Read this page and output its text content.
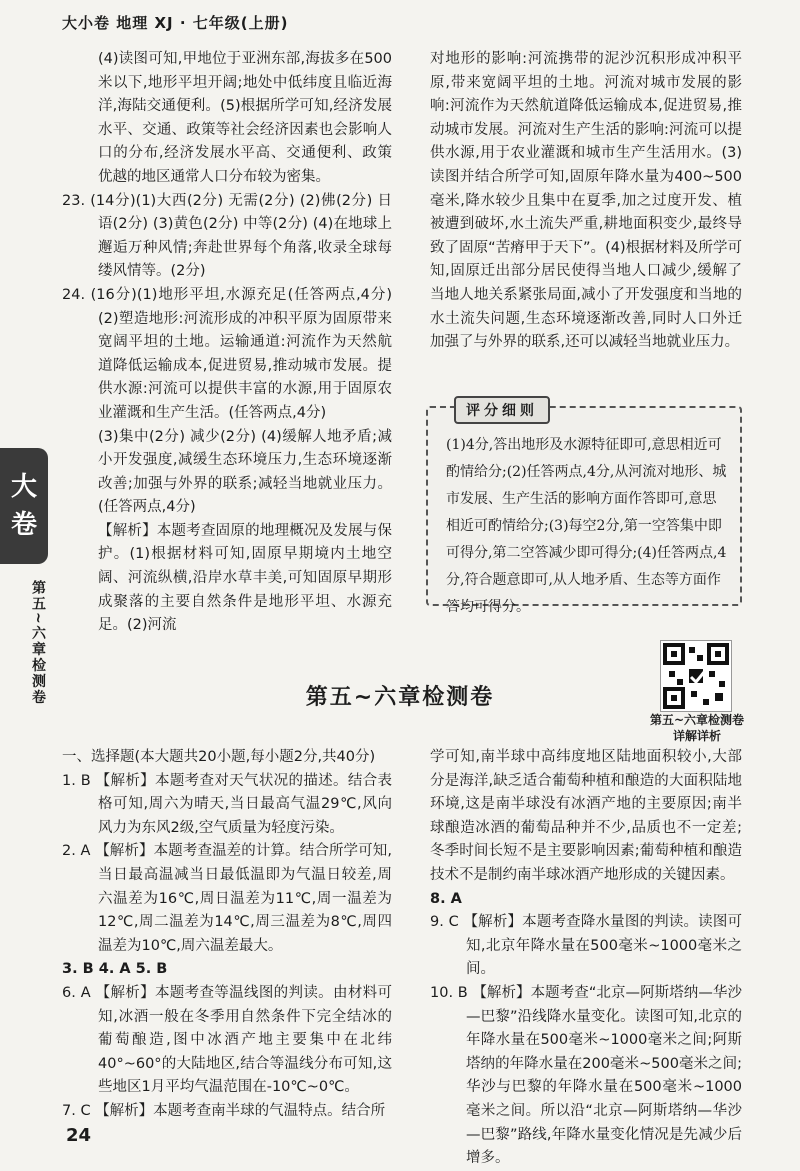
大小卷 地理 XJ · 七年级(上册)

(4)读图可知,甲地位于亚洲东部,海拔多在500米以下,地形平坦开阔;地处中低纬度且临近海洋,海陆交通便利。(5)根据所学可知,经济发展水平、交通、政策等社会经济因素也会影响人口的分布,经济发展水平高、交通便利、政策优越的地区通常人口分布较为密集。

23. (14分)(1)大西(2分) 无需(2分) (2)佛(2分) 日语(2分) (3)黄色(2分) 中等(2分) (4)在地球上邂逅万种风情;奔赴世界每个角落,收录全球每缕风情等。(2分)

24. (16分)(1)地形平坦,水源充足(任答两点,4分) (2)塑造地形:河流形成的冲积平原为固原带来宽阔平坦的土地。运输通道:河流作为天然航道降低运输成本,促进贸易,推动城市发展。提供水源:河流可以提供丰富的水源,用于固原农业灌溉和生产生活。(任答两点,4分)

(3)集中(2分) 减少(2分) (4)缓解人地矛盾;减小开发强度,减缓生态环境压力,生态环境逐渐改善;加强与外界的联系;减轻当地就业压力。(任答两点,4分)

【解析】本题考查固原的地理概况及发展与保护。(1)根据材料可知,固原早期境内土地空阔、河流纵横,沿岸水草丰美,可知固原早期形成聚落的主要自然条件是地形平坦、水源充足。(2)河流

对地形的影响:河流携带的泥沙沉积形成冲积平原,带来宽阔平坦的土地。河流对城市发展的影响:河流作为天然航道降低运输成本,促进贸易,推动城市发展。河流对生产生活的影响:河流可以提供水源,用于农业灌溉和城市生产生活用水。(3)读图并结合所学可知,固原年降水量为400~500毫米,降水较少且集中在夏季,加之过度开发、植被遭到破坏,水土流失严重,耕地面积变少,最终导致了固原“苦瘠甲于天下”。(4)根据材料及所学可知,固原迁出部分居民使得当地人口减少,缓解了当地人地关系紧张局面,减小了开发强度和当地的水土流失问题,生态环境逐渐改善,同时人口外迁加强了与外界的联系,还可以减轻当地就业压力。

(1)4分,答出地形及水源特征即可,意思相近可酌情给分;(2)任答两点,4分,从河流对地形、城市发展、生产生活的影响方面作答即可,意思相近可酌情给分;(3)每空2分,第一空答集中即可得分,第二空答减少即可得分;(4)任答两点,4分,符合题意即可,从人地矛盾、生态等方面作答均可得分。

评分细则
大
卷
第五~六章检测卷	第五~六章检测卷
第五~六章检测卷 详解详析

一、选择题(本大题共20小题,每小题2分,共40分)

1. B 【解析】本题考查对天气状况的描述。结合表格可知,周六为晴天,当日最高气温29℃,风向风力为东风2级,空气质量为轻度污染。

2. A 【解析】本题考查温差的计算。结合所学可知,当日最高温减当日最低温即为气温日较差,周六温差为16℃,周日温差为11℃,周一温差为12℃,周二温差为14℃,周三温差为8℃,周四温差为10℃,周六温差最大。

3. B 4. A 5. B

6. A 【解析】本题考查等温线图的判读。由材料可知,冰酒一般在冬季用自然条件下完全结冰的葡萄酿造,图中冰酒产地主要集中在北纬40°~60°的大陆地区,结合等温线分布可知,这些地区1月平均气温范围在-10℃~0℃。

7. C 【解析】本题考查南半球的气温特点。结合所

学可知,南半球中高纬度地区陆地面积较小,大部分是海洋,缺乏适合葡萄种植和酿造的大面积陆地环境,这是南半球没有冰酒产地的主要原因;南半球酿造冰酒的葡萄品种并不少,品质也不一定差;冬季时间长短不是主要影响因素;葡萄种植和酿造技术不是制约南半球冰酒产地形成的关键因素。

8. A

9. C 【解析】本题考查降水量图的判读。读图可知,北京年降水量在500毫米~1000毫米之间。

10. B 【解析】本题考查“北京—阿斯塔纳—华沙—巴黎”沿线降水量变化。读图可知,北京的年降水量在500毫米~1000毫米之间;阿斯塔纳的年降水量在200毫米~500毫米之间;华沙与巴黎的年降水量在500毫米~1000毫米之间。所以沿“北京—阿斯塔纳—华沙—巴黎”路线,年降水量变化情况是先减少后增多。

24
